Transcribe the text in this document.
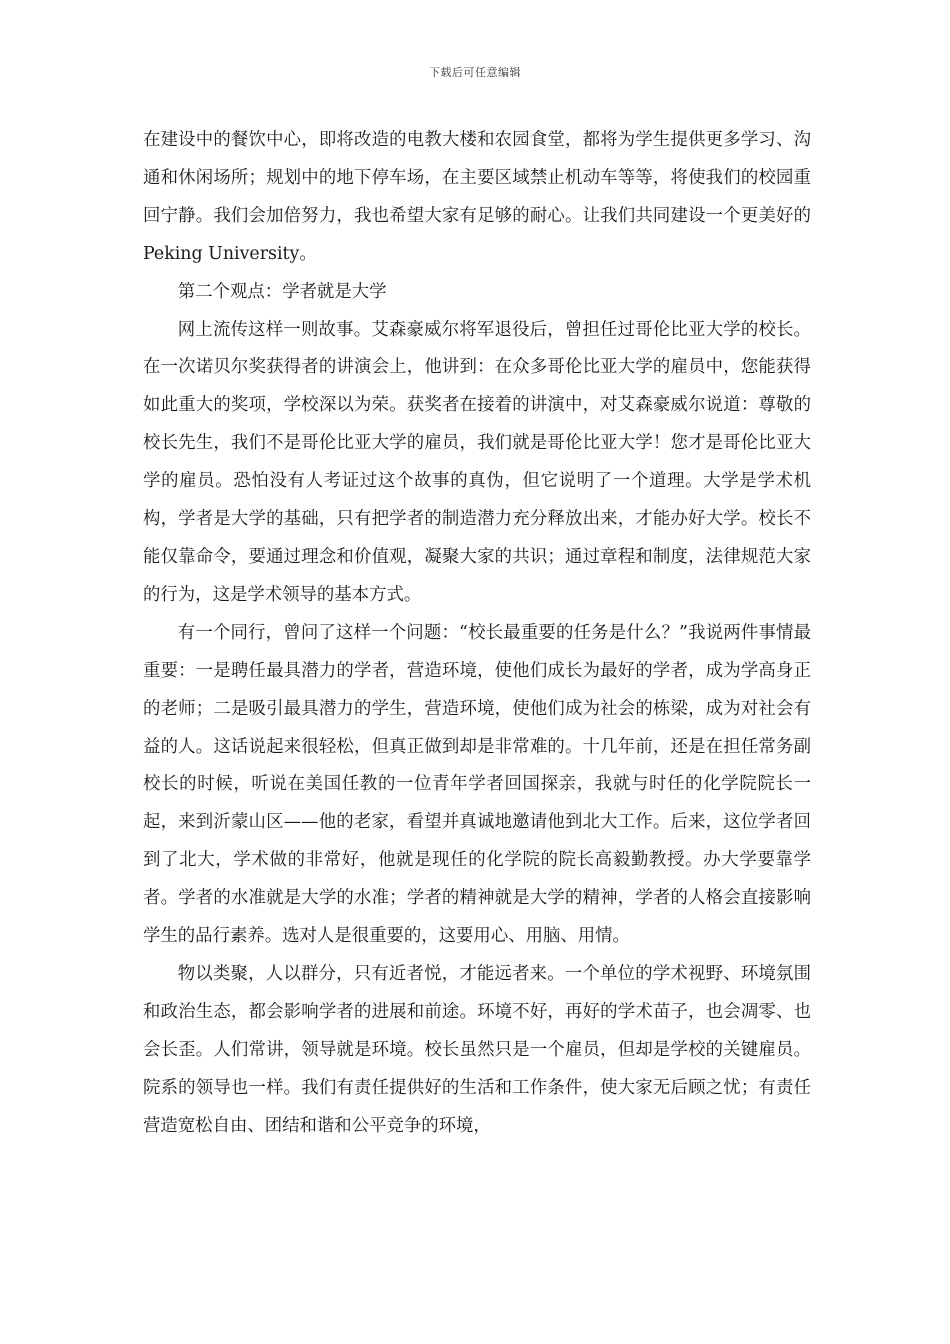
下载后可任意编辑

在建设中的餐饮中心，即将改造的电教大楼和农园食堂，都将为学生提供更多学习、沟通和休闲场所；规划中的地下停车场，在主要区域禁止机动车等等，将使我们的校园重回宁静。我们会加倍努力，我也希望大家有足够的耐心。让我们共同建设一个更美好的Peking University。

第二个观点：学者就是大学

网上流传这样一则故事。艾森豪威尔将军退役后，曾担任过哥伦比亚大学的校长。在一次诺贝尔奖获得者的讲演会上，他讲到：在众多哥伦比亚大学的雇员中，您能获得如此重大的奖项，学校深以为荣。获奖者在接着的讲演中，对艾森豪威尔说道：尊敬的校长先生，我们不是哥伦比亚大学的雇员，我们就是哥伦比亚大学！您才是哥伦比亚大学的雇员。恐怕没有人考证过这个故事的真伪，但它说明了一个道理。大学是学术机构，学者是大学的基础，只有把学者的制造潜力充分释放出来，才能办好大学。校长不能仅靠命令，要通过理念和价值观，凝聚大家的共识；通过章程和制度，法律规范大家的行为，这是学术领导的基本方式。

有一个同行，曾问了这样一个问题：“校长最重要的任务是什么？”我说两件事情最重要：一是聘任最具潜力的学者，营造环境，使他们成长为最好的学者，成为学高身正的老师；二是吸引最具潜力的学生，营造环境，使他们成为社会的栋梁，成为对社会有益的人。这话说起来很轻松，但真正做到却是非常难的。十几年前，还是在担任常务副校长的时候，听说在美国任教的一位青年学者回国探亲，我就与时任的化学院院长一起，来到沂蒙山区——他的老家，看望并真诚地邀请他到北大工作。后来，这位学者回到了北大，学术做的非常好，他就是现任的化学院的院长高毅勤教授。办大学要靠学者。学者的水准就是大学的水准；学者的精神就是大学的精神，学者的人格会直接影响学生的品行素养。选对人是很重要的，这要用心、用脑、用情。

物以类聚，人以群分，只有近者悦，才能远者来。一个单位的学术视野、环境氛围和政治生态，都会影响学者的进展和前途。环境不好，再好的学术苗子，也会凋零、也会长歪。人们常讲，领导就是环境。校长虽然只是一个雇员，但却是学校的关键雇员。院系的领导也一样。我们有责任提供好的生活和工作条件，使大家无后顾之忧；有责任营造宽松自由、团结和谐和公平竞争的环境，
